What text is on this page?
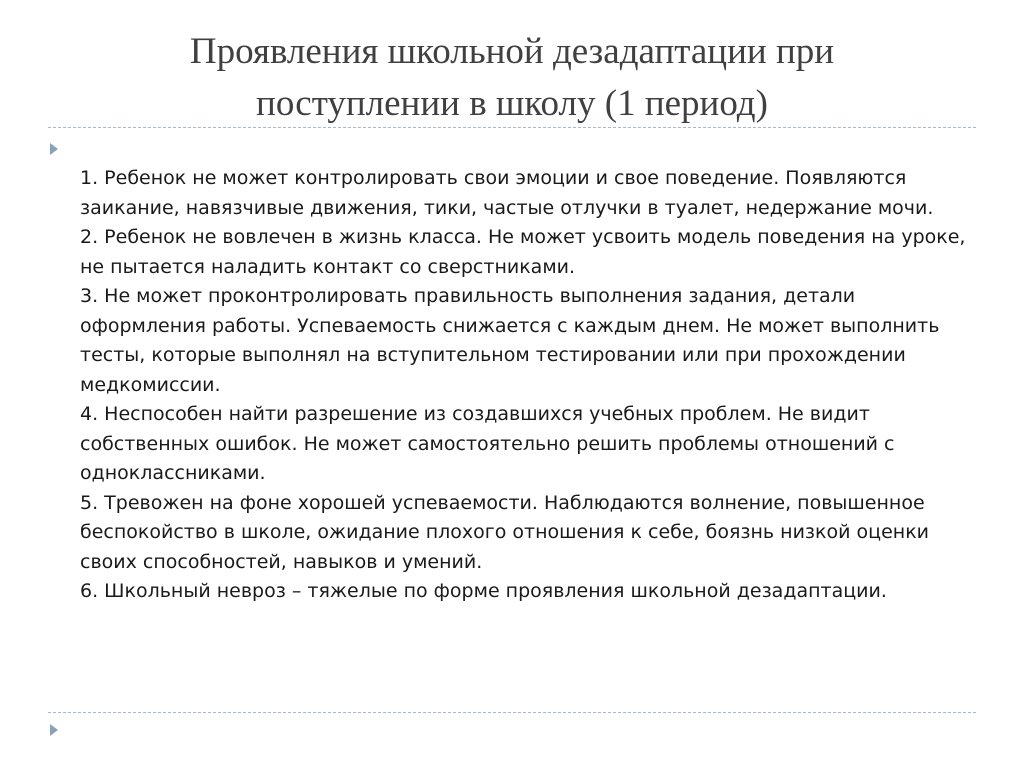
Проявления школьной дезадаптации при
поступлении в школу (1 период)

1. Ребенок не может контролировать свои эмоции и свое поведение. Появляются заикание, навязчивые движения, тики, частые отлучки в туалет, недержание мочи.

2. Ребенок не вовлечен в жизнь класса. Не может усвоить модель поведения на уроке, не пытается наладить контакт со сверстниками.

3. Не может проконтролировать правильность выполнения задания, детали оформления работы. Успеваемость снижается с каждым днем. Не может выполнить тесты, которые выполнял на вступительном тестировании или при прохождении медкомиссии.

4. Неспособен найти разрешение из создавшихся учебных проблем. Не видит собственных ошибок. Не может самостоятельно решить проблемы отношений с одноклассниками.

5. Тревожен на фоне хорошей успеваемости. Наблюдаются волнение, повышенное беспокойство в школе, ожидание плохого отношения к себе, боязнь низкой оценки своих способностей, навыков и умений.

6. Школьный невроз – тяжелые по форме проявления школьной дезадаптации.
